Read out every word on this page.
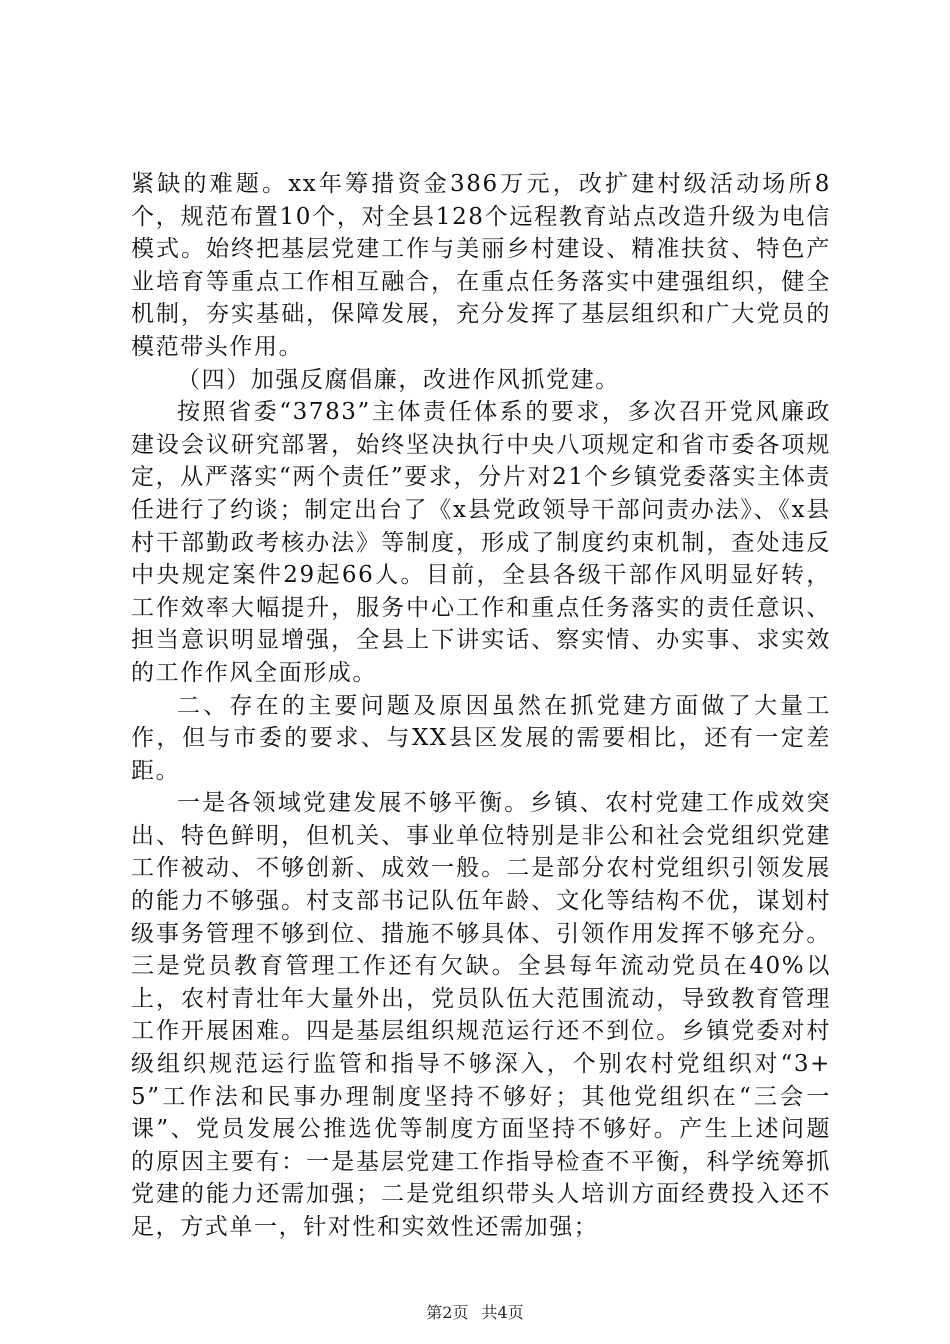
紧缺的难题。xx年筹措资金386万元，改扩建村级活动场所8个，规范布置10个，对全县128个远程教育站点改造升级为电信模式。始终把基层党建工作与美丽乡村建设、精准扶贫、特色产业培育等重点工作相互融合，在重点任务落实中建强组织，健全机制，夯实基础，保障发展，充分发挥了基层组织和广大党员的模范带头作用。

（四）加强反腐倡廉，改进作风抓党建。

按照省委“3783”主体责任体系的要求，多次召开党风廉政建设会议研究部署，始终坚决执行中央八项规定和省市委各项规定，从严落实“两个责任”要求，分片对21个乡镇党委落实主体责任进行了约谈；制定出台了《x县党政领导干部问责办法》、《x县村干部勤政考核办法》等制度，形成了制度约束机制，查处违反中央规定案件29起66人。目前，全县各级干部作风明显好转，工作效率大幅提升，服务中心工作和重点任务落实的责任意识、担当意识明显增强，全县上下讲实话、察实情、办实事、求实效的工作作风全面形成。

二、存在的主要问题及原因虽然在抓党建方面做了大量工作，但与市委的要求、与XX县区发展的需要相比，还有一定差距。

一是各领域党建发展不够平衡。乡镇、农村党建工作成效突出、特色鲜明，但机关、事业单位特别是非公和社会党组织党建工作被动、不够创新、成效一般。二是部分农村党组织引领发展的能力不够强。村支部书记队伍年龄、文化等结构不优，谋划村级事务管理不够到位、措施不够具体、引领作用发挥不够充分。三是党员教育管理工作还有欠缺。全县每年流动党员在40%以上，农村青壮年大量外出，党员队伍大范围流动，导致教育管理工作开展困难。四是基层组织规范运行还不到位。乡镇党委对村级组织规范运行监管和指导不够深入，个别农村党组织对“3+5”工作法和民事办理制度坚持不够好；其他党组织在“三会一课”、党员发展公推选优等制度方面坚持不够好。产生上述问题的原因主要有：一是基层党建工作指导检查不平衡，科学统筹抓党建的能力还需加强；二是党组织带头人培训方面经费投入还不足，方式单一，针对性和实效性还需加强；

第2页 共4页
